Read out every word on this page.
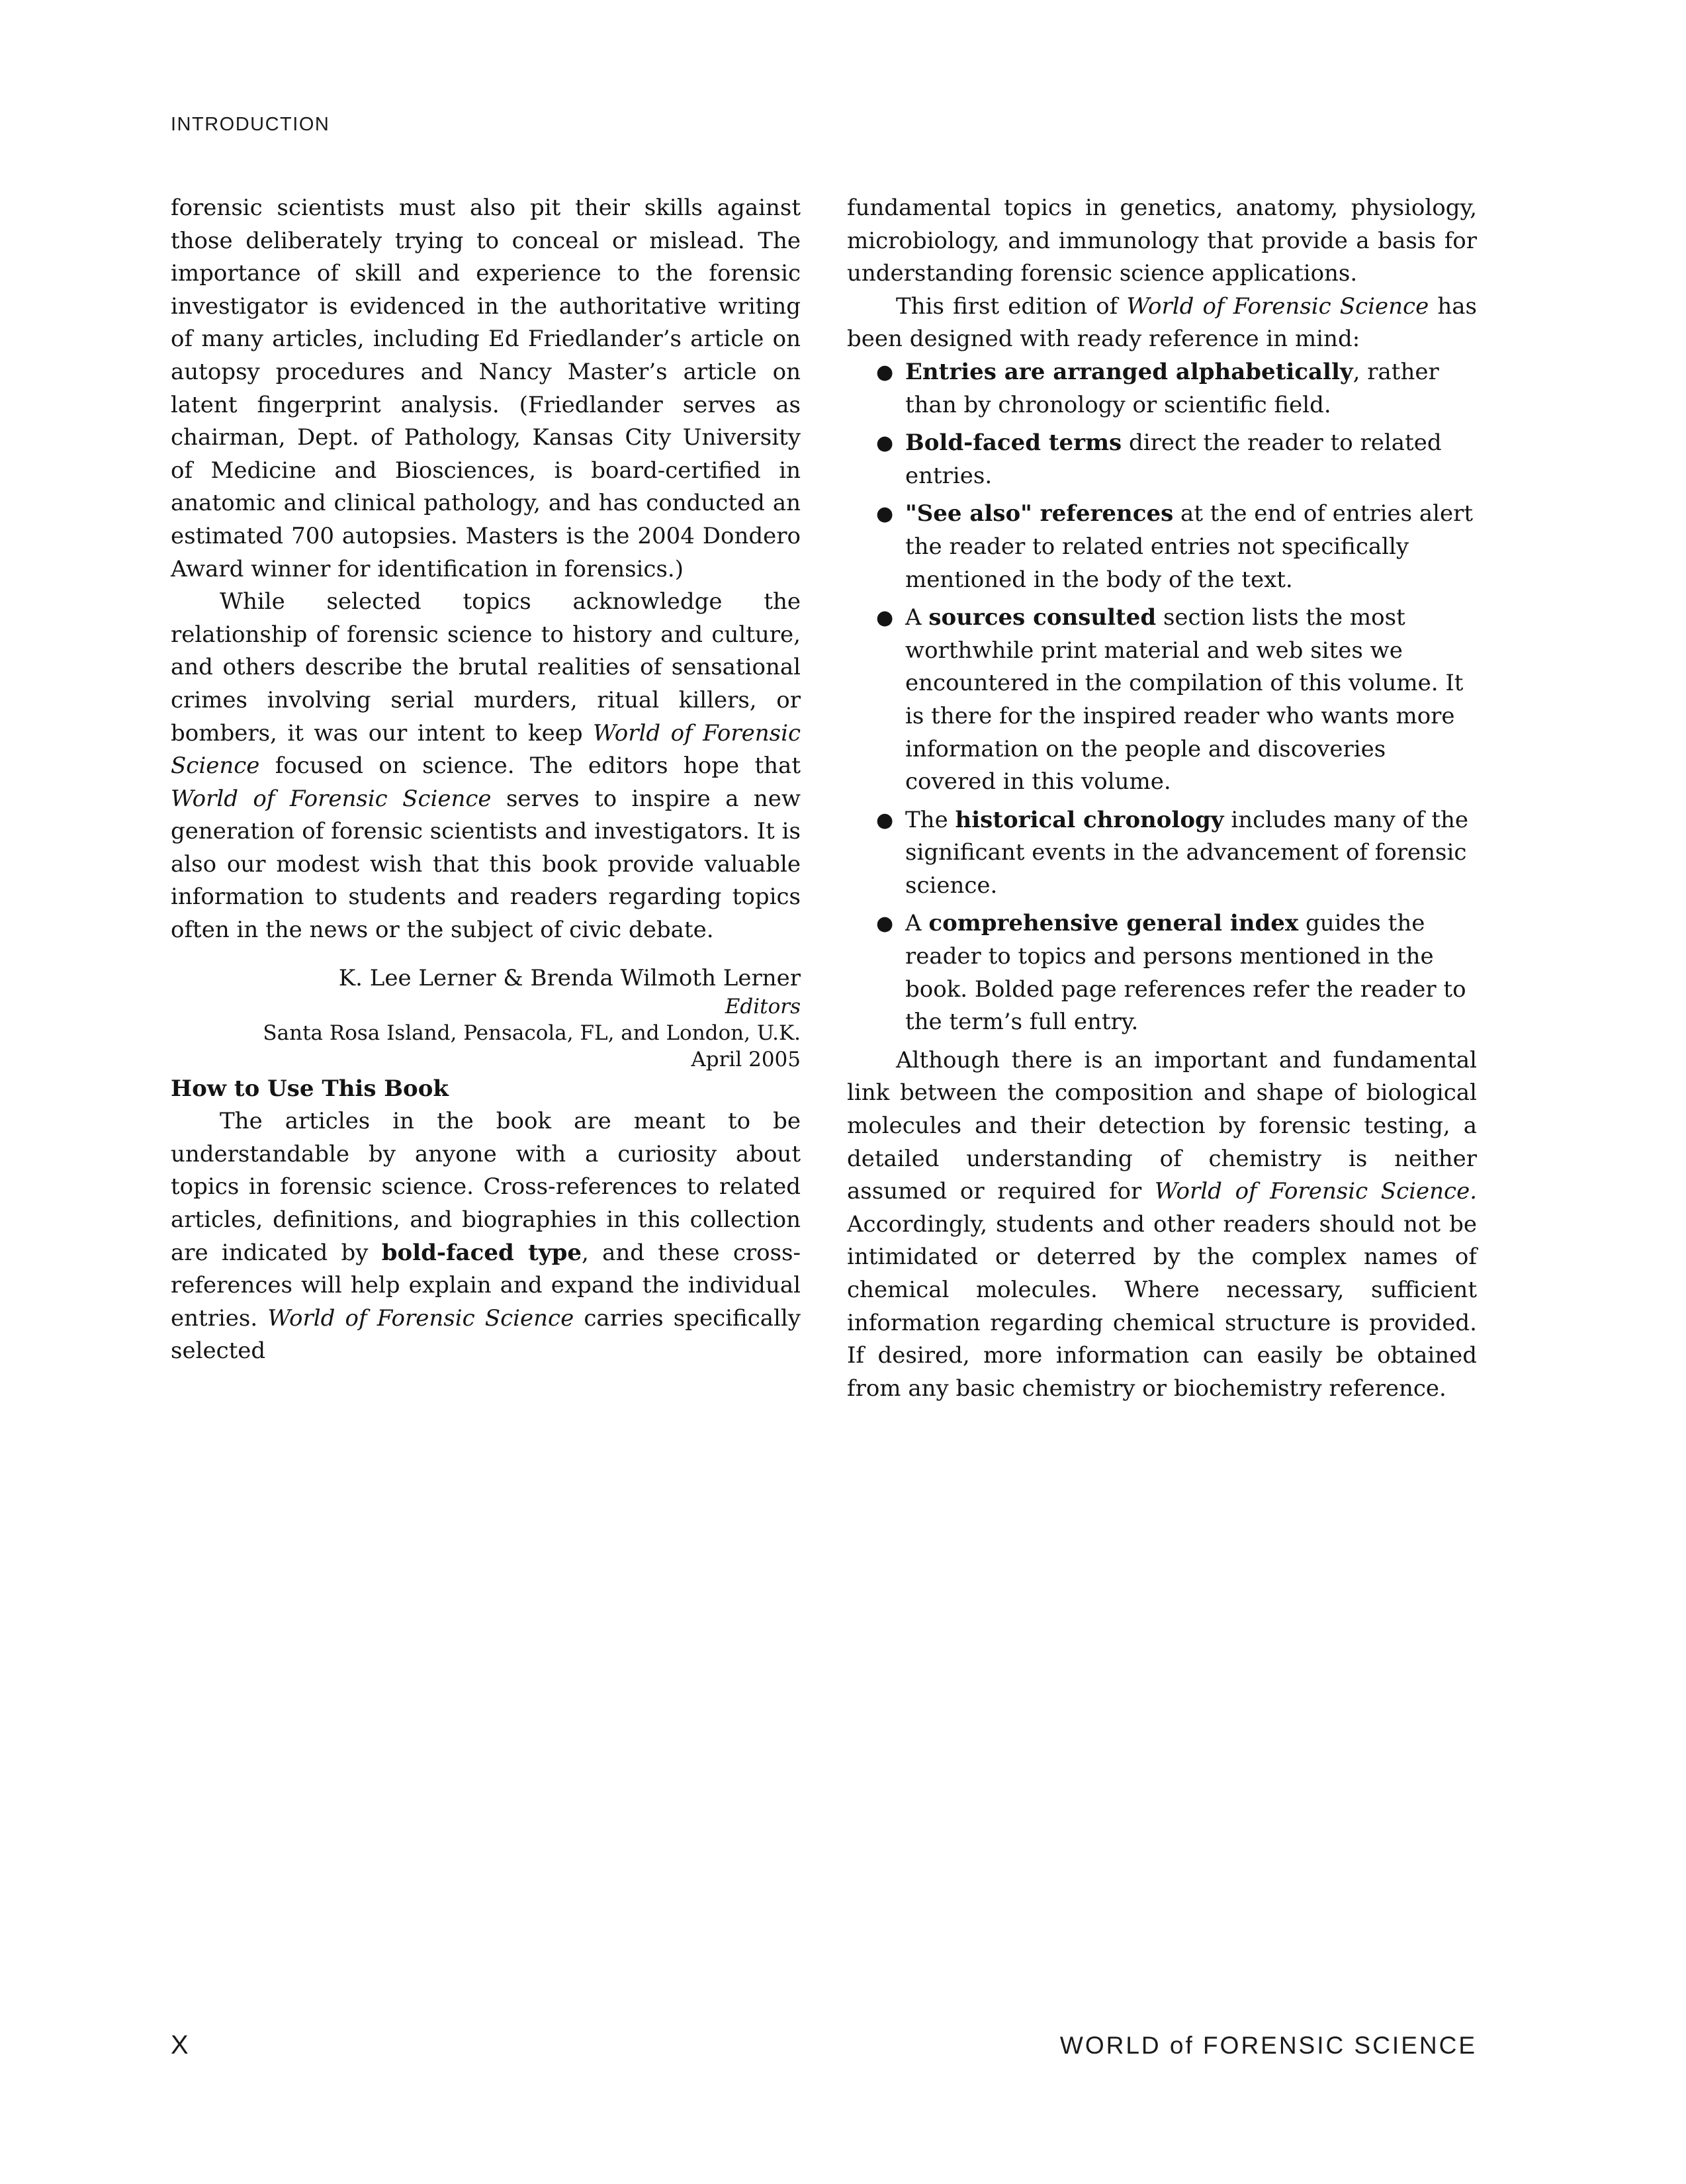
INTRODUCTION

forensic scientists must also pit their skills against those deliberately trying to conceal or mislead. The importance of skill and experience to the forensic investigator is evidenced in the authoritative writing of many articles, including Ed Friedlander’s article on autopsy procedures and Nancy Master’s article on latent fingerprint analysis. (Friedlander serves as chairman, Dept. of Pathology, Kansas City University of Medicine and Biosciences, is board-certified in anatomic and clinical pathology, and has conducted an estimated 700 autopsies. Masters is the 2004 Dondero Award winner for identification in forensics.)

While selected topics acknowledge the relationship of forensic science to history and culture, and others describe the brutal realities of sensational crimes involving serial murders, ritual killers, or bombers, it was our intent to keep World of Forensic Science focused on science. The editors hope that World of Forensic Science serves to inspire a new generation of forensic scientists and investigators. It is also our modest wish that this book provide valuable information to students and readers regarding topics often in the news or the subject of civic debate.

K. Lee Lerner & Brenda Wilmoth Lerner
Editors
Santa Rosa Island, Pensacola, FL, and London, U.K.
April 2005

How to Use This Book

The articles in the book are meant to be understandable by anyone with a curiosity about topics in forensic science. Cross-references to related articles, definitions, and biographies in this collection are indicated by bold-faced type, and these cross-references will help explain and expand the individual entries. World of Forensic Science carries specifically selected

fundamental topics in genetics, anatomy, physiology, microbiology, and immunology that provide a basis for understanding forensic science applications.

This first edition of World of Forensic Science has been designed with ready reference in mind:

● Entries are arranged alphabetically, rather than by chronology or scientific field.
● Bold-faced terms direct the reader to related entries.
● "See also" references at the end of entries alert the reader to related entries not specifically mentioned in the body of the text.
● A sources consulted section lists the most worthwhile print material and web sites we encountered in the compilation of this volume. It is there for the inspired reader who wants more information on the people and discoveries covered in this volume.
● The historical chronology includes many of the significant events in the advancement of forensic science.
● A comprehensive general index guides the reader to topics and persons mentioned in the book. Bolded page references refer the reader to the term’s full entry.

Although there is an important and fundamental link between the composition and shape of biological molecules and their detection by forensic testing, a detailed understanding of chemistry is neither assumed or required for World of Forensic Science. Accordingly, students and other readers should not be intimidated or deterred by the complex names of chemical molecules. Where necessary, sufficient information regarding chemical structure is provided. If desired, more information can easily be obtained from any basic chemistry or biochemistry reference.

X	WORLD of FORENSIC SCIENCE
